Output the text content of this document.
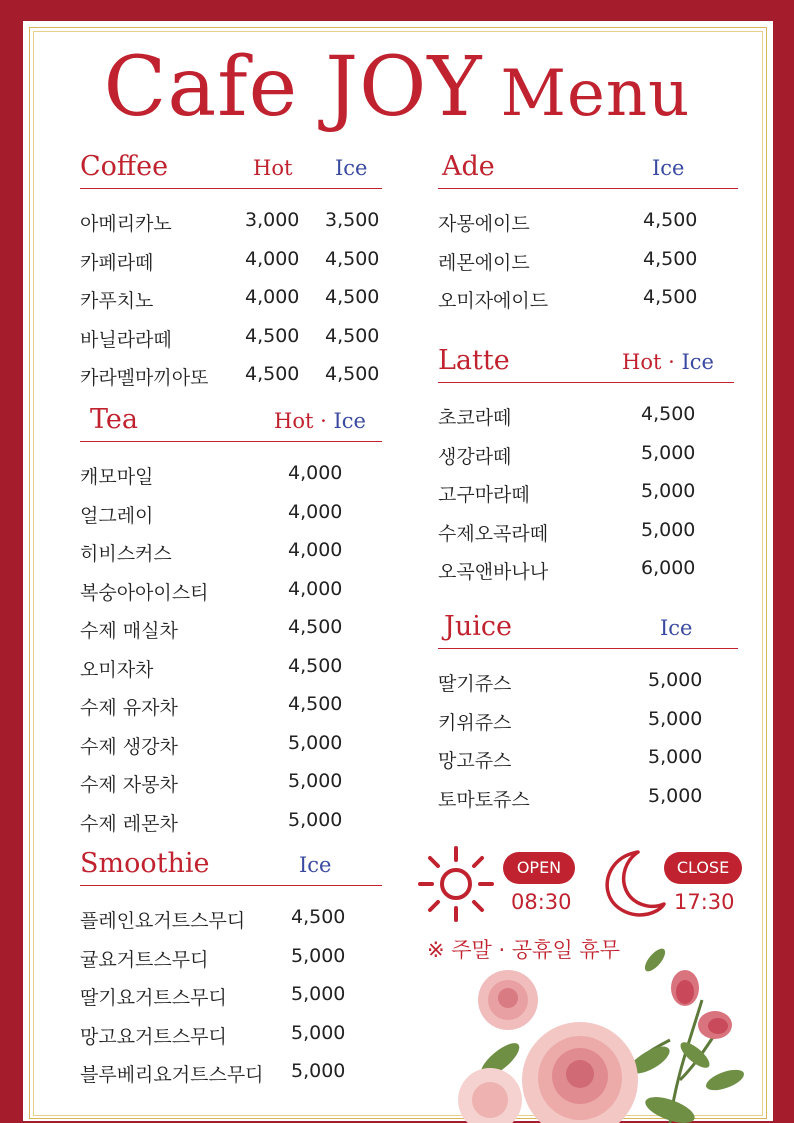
Cafe JOY Menu
Coffee	Hot Ice
아메리카노	3,000 3,500
카페라떼	4,000 4,500
카푸치노	4,000 4,500
바닐라라떼	4,500 4,500
카라멜마끼아또 4,500 4,500
Tea	Hot · Ice
캐모마일	4,000
얼그레이	4,000
히비스커스	4,000
복숭아아이스티	4,000
수제 매실차	4,500
오미자차	4,500
수제 유자차	4,500
수제 생강차	5,000
수제 자몽차	5,000
수제 레몬차	5,000
Smoothie	Ice
플레인요거트스무디 4,500
귤요거트스무디	5,000
딸기요거트스무디	5,000
망고요거트스무디	5,000
블루베리요거트스무디 5,000
Ade	Ice
자몽에이드	4,500
레몬에이드	4,500
오미자에이드	4,500
Latte	Hot · Ice
초코라떼	4,500
생강라떼	5,000
고구마라떼	5,000
수제오곡라떼	5,000
오곡앤바나나	6,000
Juice	Ice
딸기쥬스	5,000
키위쥬스	5,000
망고쥬스	5,000
토마토쥬스	5,000
OPEN
08:30
CLOSE
17:30
※ 주말 · 공휴일 휴무
